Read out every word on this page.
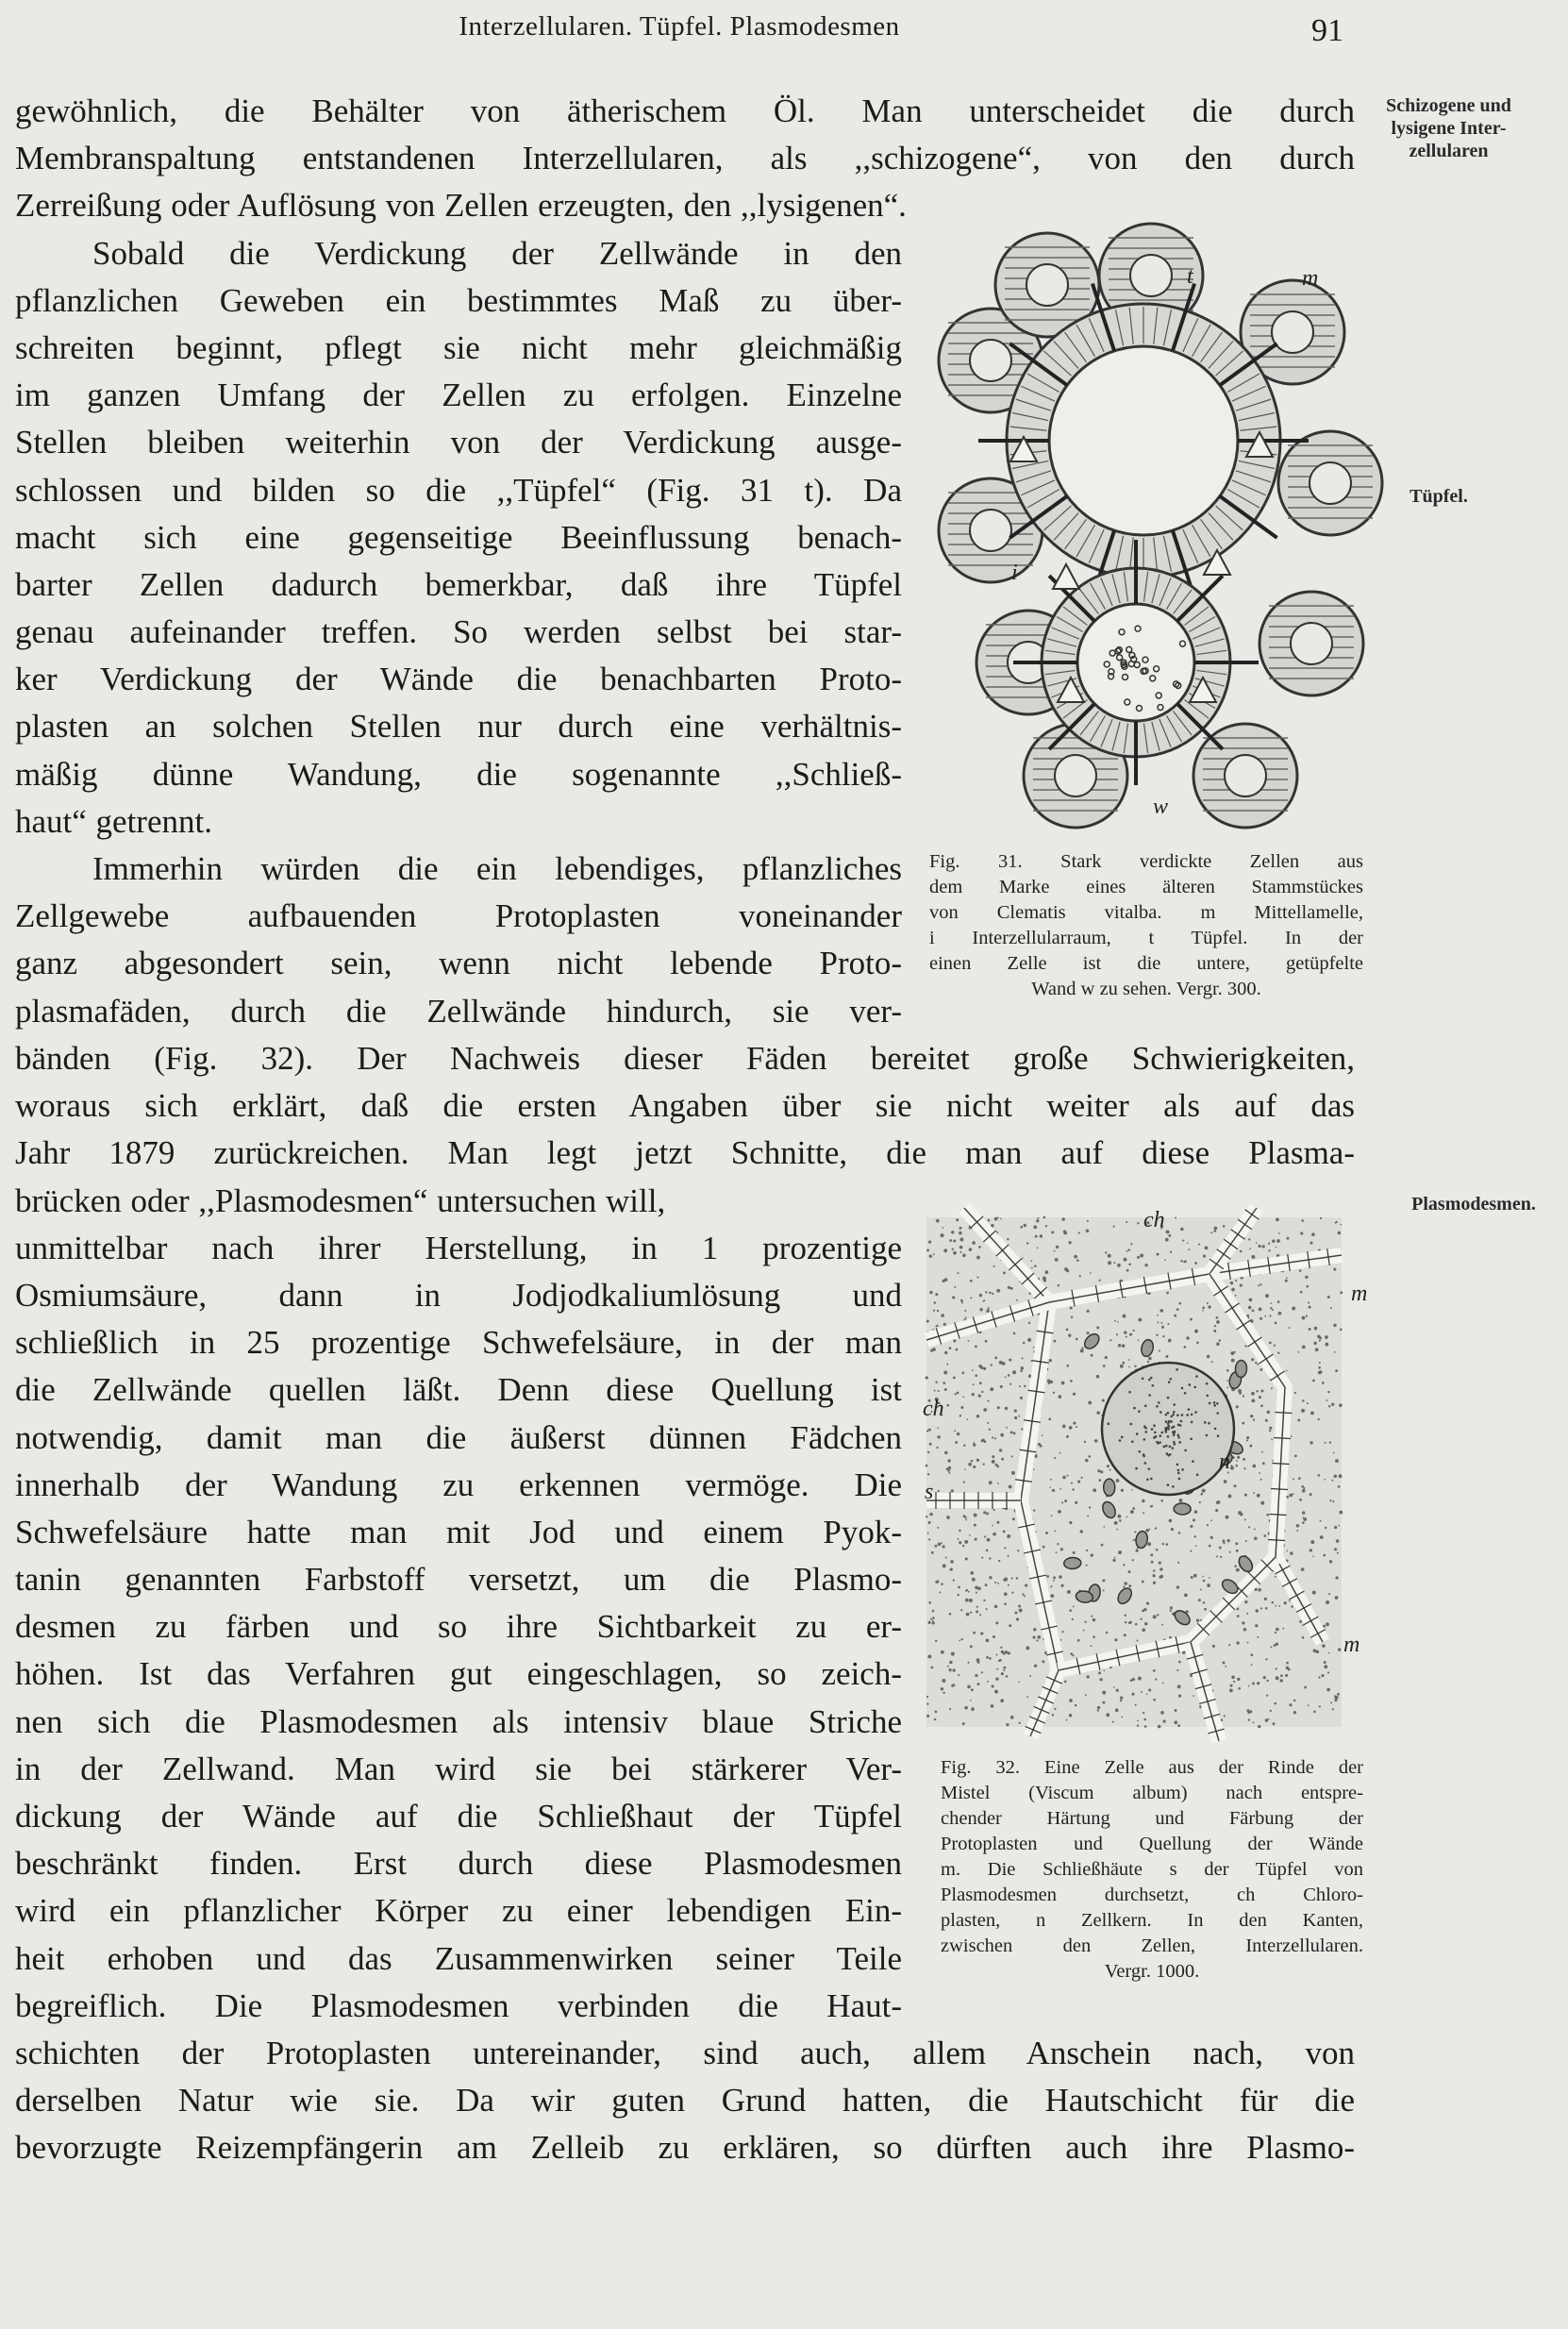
Interzellularen. Tüpfel. Plasmodesmen	91
gewöhnlich, die Behälter von ätherischem Öl. Man unterscheidet die durch
Membranspaltung entstandenen Interzellularen, als ,,schizogene“, von den durch
Zerreißung oder Auflösung von Zellen erzeugten, den ,,lysigenen“.
Sobald die Verdickung der Zellwände in den
pflanzlichen Geweben ein bestimmtes Maß zu über-
schreiten beginnt, pflegt sie nicht mehr gleichmäßig
im ganzen Umfang der Zellen zu erfolgen. Einzelne
Stellen bleiben weiterhin von der Verdickung ausge-
schlossen und bilden so die ,,Tüpfel“ (Fig. 31 t). Da
macht sich eine gegenseitige Beeinflussung benach-
barter Zellen dadurch bemerkbar, daß ihre Tüpfel
genau aufeinander treffen. So werden selbst bei star-
ker Verdickung der Wände die benachbarten Proto-
plasten an solchen Stellen nur durch eine verhältnis-
mäßig dünne Wandung, die sogenannte ,,Schließ-
haut“ getrennt.
Immerhin würden die ein lebendiges, pflanzliches
Zellgewebe aufbauenden Protoplasten voneinander
ganz abgesondert sein, wenn nicht lebende Proto-
plasmafäden, durch die Zellwände hindurch, sie ver-
bänden (Fig. 32). Der Nachweis dieser Fäden bereitet große Schwierigkeiten,
woraus sich erklärt, daß die ersten Angaben über sie nicht weiter als auf das
Jahr 1879 zurückreichen. Man legt jetzt Schnitte, die man auf diese Plasma-
brücken oder ,,Plasmodesmen“ untersuchen will,
unmittelbar nach ihrer Herstellung, in 1 prozentige
Osmiumsäure, dann in Jodjodkaliumlösung und
schließlich in 25 prozentige Schwefelsäure, in der man
die Zellwände quellen läßt. Denn diese Quellung ist
notwendig, damit man die äußerst dünnen Fädchen
innerhalb der Wandung zu erkennen vermöge. Die
Schwefelsäure hatte man mit Jod und einem Pyok-
tanin genannten Farbstoff versetzt, um die Plasmo-
desmen zu färben und so ihre Sichtbarkeit zu er-
höhen. Ist das Verfahren gut eingeschlagen, so zeich-
nen sich die Plasmodesmen als intensiv blaue Striche
in der Zellwand. Man wird sie bei stärkerer Ver-
dickung der Wände auf die Schließhaut der Tüpfel
beschränkt finden. Erst durch diese Plasmodesmen
wird ein pflanzlicher Körper zu einer lebendigen Ein-
heit erhoben und das Zusammenwirken seiner Teile
begreiflich. Die Plasmodesmen verbinden die Haut-
schichten der Protoplasten untereinander, sind auch, allem Anschein nach, von
derselben Natur wie sie. Da wir guten Grund hatten, die Hautschicht für die
bevorzugte Reizempfängerin am Zelleib zu erklären, so dürften auch ihre Plasmo-
Schizogene und
lysigene Inter-
zellularen
Tüpfel.
Plasmodesmen.
t	m
i
w
Fig. 31. Stark verdickte Zellen aus
dem Marke eines älteren Stammstückes
von Clematis vitalba. m Mittellamelle,
i Interzellularraum, t Tüpfel. In der
einen Zelle ist die untere, getüpfelte
Wand w zu sehen. Vergr. 300.
ch
m
ch
n
s
m
Fig. 32. Eine Zelle aus der Rinde der
Mistel (Viscum album) nach entspre-
chender Härtung und Färbung der
Protoplasten und Quellung der Wände
m. Die Schließhäute s der Tüpfel von
Plasmodesmen durchsetzt, ch Chloro-
plasten, n Zellkern. In den Kanten,
zwischen den Zellen, Interzellularen.
Vergr. 1000.
